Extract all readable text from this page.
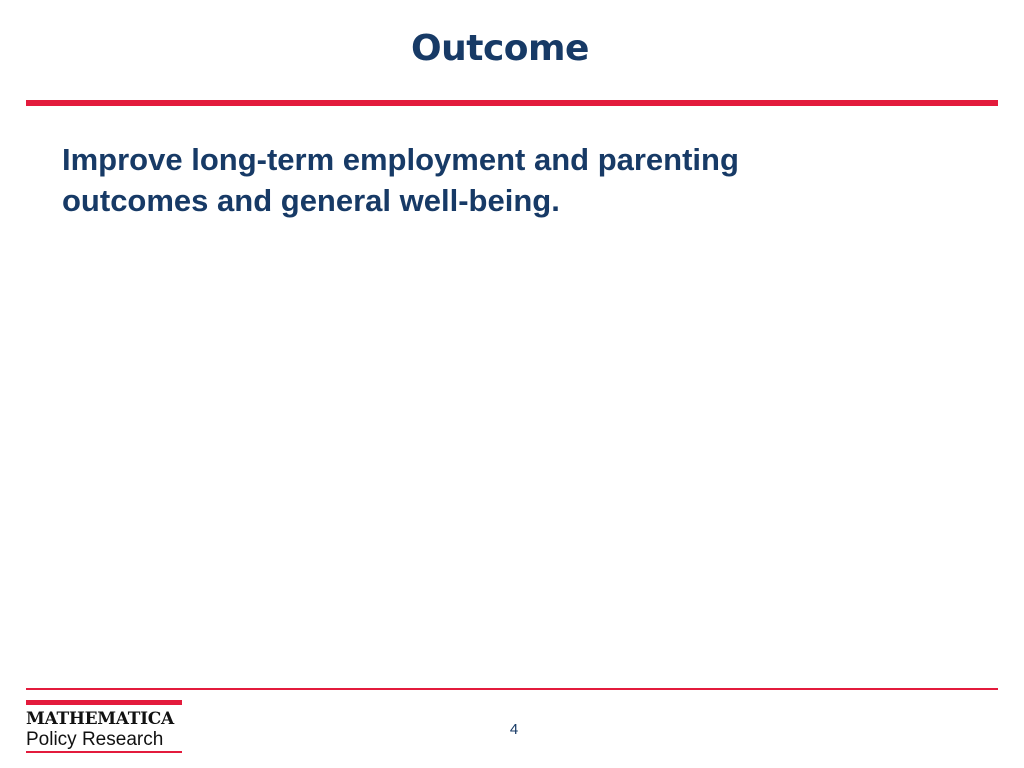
Outcome

Improve long-term employment and parenting
outcomes and general well-being.

MATHEMATICA
Policy Research	4
